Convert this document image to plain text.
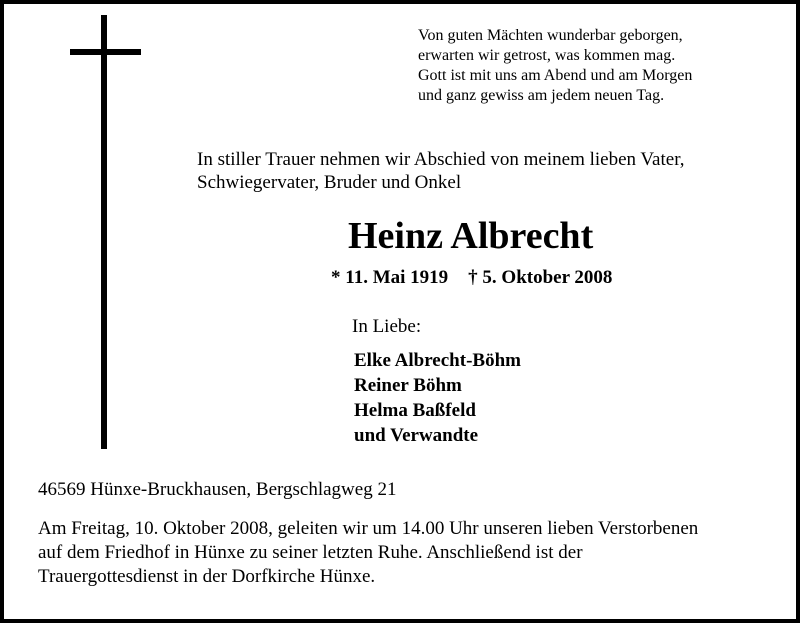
Von guten Mächten wunderbar geborgen,
erwarten wir getrost, was kommen mag.
Gott ist mit uns am Abend und am Morgen
und ganz gewiss am jedem neuen Tag.
In stiller Trauer nehmen wir Abschied von meinem lieben Vater,
Schwiegervater, Bruder und Onkel
Heinz Albrecht
* 11. Mai 1919 † 5. Oktober 2008
In Liebe:
Elke Albrecht-Böhm
Reiner Böhm
Helma Baßfeld
und Verwandte
46569 Hünxe-Bruckhausen, Bergschlagweg 21
Am Freitag, 10. Oktober 2008, geleiten wir um 14.00 Uhr unseren lieben Verstorbenen
auf dem Friedhof in Hünxe zu seiner letzten Ruhe. Anschließend ist der
Trauergottesdienst in der Dorfkirche Hünxe.
